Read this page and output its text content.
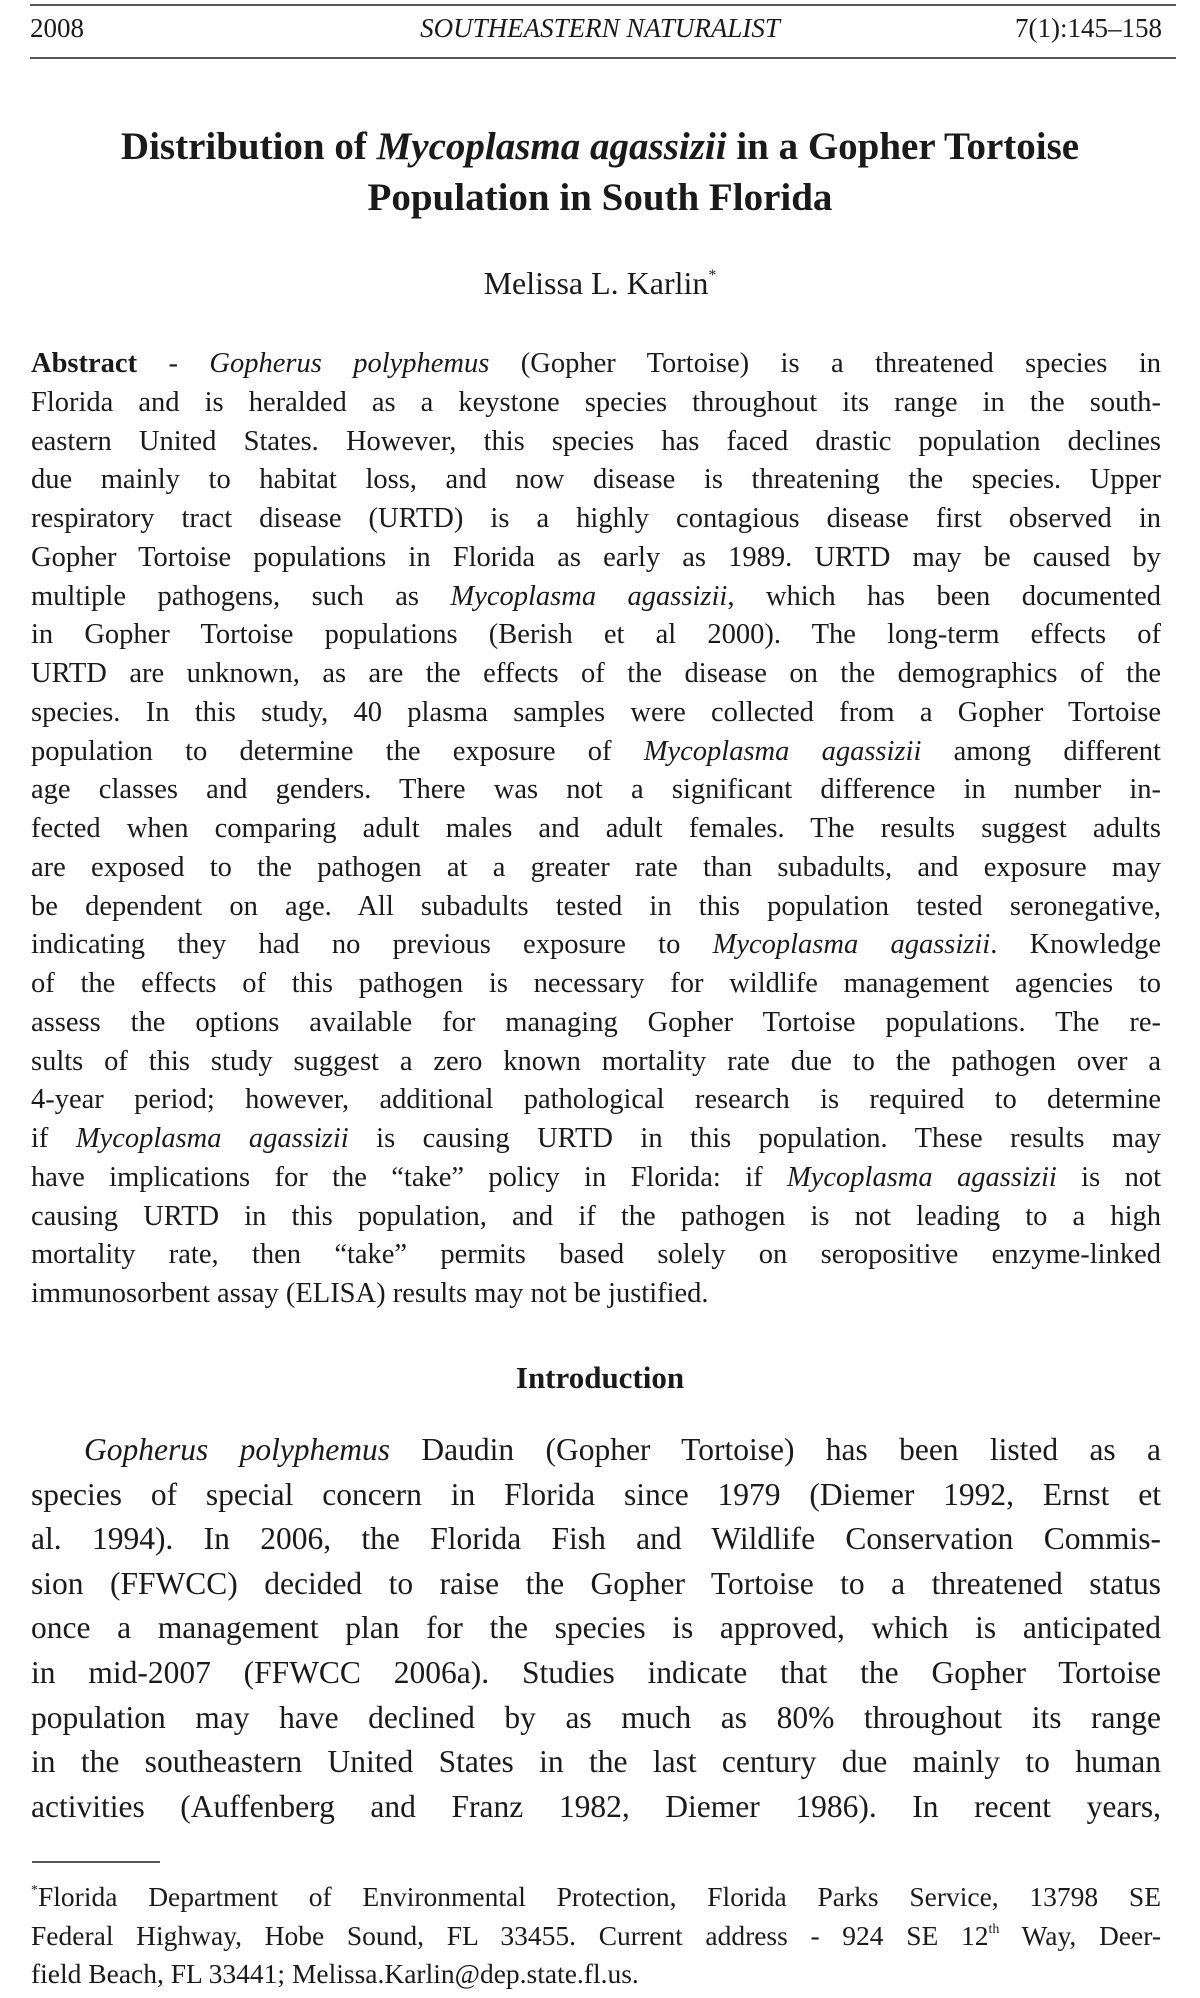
2008	SOUTHEASTERN NATURALIST	7(1):145–158
Distribution of Mycoplasma agassizii in a Gopher Tortoise
Population in South Florida
Melissa L. Karlin*
Abstract - Gopherus polyphemus (Gopher Tortoise) is a threatened species in
Florida and is heralded as a keystone species throughout its range in the south-
eastern United States. However, this species has faced drastic population declines
due mainly to habitat loss, and now disease is threatening the species. Upper
respiratory tract disease (URTD) is a highly contagious disease first observed in
Gopher Tortoise populations in Florida as early as 1989. URTD may be caused by
multiple pathogens, such as Mycoplasma agassizii, which has been documented
in Gopher Tortoise populations (Berish et al 2000). The long-term effects of
URTD are unknown, as are the effects of the disease on the demographics of the
species. In this study, 40 plasma samples were collected from a Gopher Tortoise
population to determine the exposure of Mycoplasma agassizii among different
age classes and genders. There was not a significant difference in number in-
fected when comparing adult males and adult females. The results suggest adults
are exposed to the pathogen at a greater rate than subadults, and exposure may
be dependent on age. All subadults tested in this population tested seronegative,
indicating they had no previous exposure to Mycoplasma agassizii. Knowledge
of the effects of this pathogen is necessary for wildlife management agencies to
assess the options available for managing Gopher Tortoise populations. The re-
sults of this study suggest a zero known mortality rate due to the pathogen over a
4-year period; however, additional pathological research is required to determine
if Mycoplasma agassizii is causing URTD in this population. These results may
have implications for the “take” policy in Florida: if Mycoplasma agassizii is not
causing URTD in this population, and if the pathogen is not leading to a high
mortality rate, then “take” permits based solely on seropositive enzyme-linked
immunosorbent assay (ELISA) results may not be justified.
Introduction
Gopherus polyphemus Daudin (Gopher Tortoise) has been listed as a
species of special concern in Florida since 1979 (Diemer 1992, Ernst et
al. 1994). In 2006, the Florida Fish and Wildlife Conservation Commis-
sion (FFWCC) decided to raise the Gopher Tortoise to a threatened status
once a management plan for the species is approved, which is anticipated
in mid-2007 (FFWCC 2006a). Studies indicate that the Gopher Tortoise
population may have declined by as much as 80% throughout its range
in the southeastern United States in the last century due mainly to human
activities (Auffenberg and Franz 1982, Diemer 1986). In recent years,
*Florida Department of Environmental Protection, Florida Parks Service, 13798 SE
Federal Highway, Hobe Sound, FL 33455. Current address - 924 SE 12th Way, Deer-
field Beach, FL 33441; Melissa.Karlin@dep.state.fl.us.
